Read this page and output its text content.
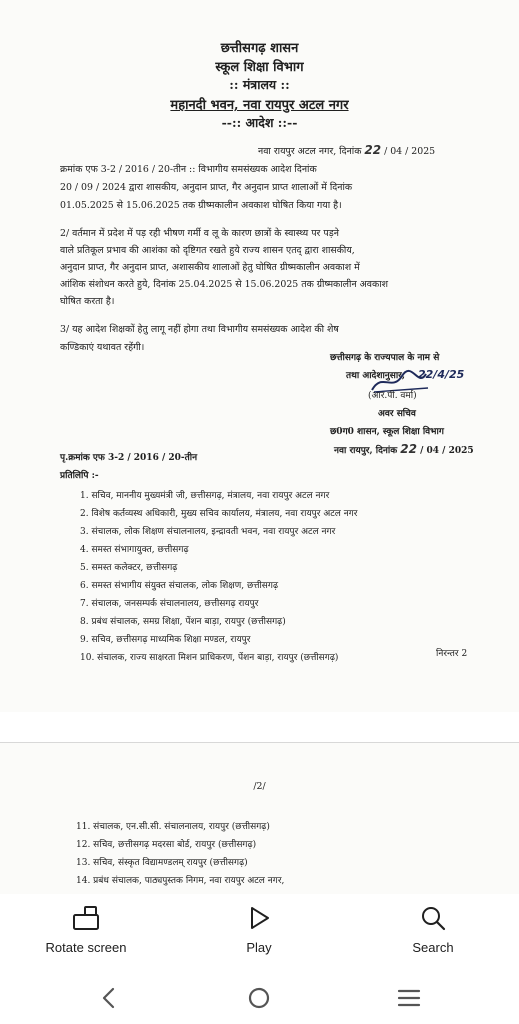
छत्तीसगढ़ शासन
स्कूल शिक्षा विभाग
:: मंत्रालय ::
महानदी भवन, नवा रायपुर अटल नगर
--:: आदेश ::--
नवा रायपुर अटल नगर, दिनांक 22 / 04 / 2025
क्रमांक एफ 3-2 / 2016 / 20-तीन :: विभागीय समसंख्यक आदेश दिनांक
20 / 09 / 2024 द्वारा शासकीय, अनुदान प्राप्त, गैर अनुदान प्राप्त शालाओं में दिनांक
01.05.2025 से 15.06.2025 तक ग्रीष्मकालीन अवकाश घोषित किया गया है।
2/ वर्तमान में प्रदेश में पड़ रही भीषण गर्मी व लू के कारण छात्रों के स्वास्थ्य पर पड़ने
वाले प्रतिकूल प्रभाव की आशंका को दृष्टिगत रखते हुये राज्य शासन एतद् द्वारा शासकीय,
अनुदान प्राप्त, गैर अनुदान प्राप्त, अशासकीय शालाओं हेतु घोषित ग्रीष्मकालीन अवकाश में
आंशिक संशोधन करते हुये, दिनांक 25.04.2025 से 15.06.2025 तक ग्रीष्मकालीन अवकाश
घोषित करता है।
3/ यह आदेश शिक्षकों हेतु लागू नहीं होगा तथा विभागीय समसंख्यक आदेश की शेष
कण्डिकाएं यथावत रहेंगी।
छत्तीसगढ़ के राज्यपाल के नाम से
तथा आदेशानुसार, 22/4/25
(आर.पी. वर्मा)
अवर सचिव
छ0ग0 शासन, स्कूल शिक्षा विभाग
नवा रायपुर, दिनांक 22 / 04 / 2025
पृ.क्रमांक एफ 3-2 / 2016 / 20-तीन
प्रतिलिपि :-
1. सचिव, माननीय मुख्यमंत्री जी, छत्तीसगढ़, मंत्रालय, नवा रायपुर अटल नगर
2. विशेष कर्तव्यस्थ अधिकारी, मुख्य सचिव कार्यालय, मंत्रालय, नवा रायपुर अटल नगर
3. संचालक, लोक शिक्षण संचालनालय, इन्द्रावती भवन, नवा रायपुर अटल नगर
4. समस्त संभागायुक्त, छत्तीसगढ़
5. समस्त कलेक्टर, छत्तीसगढ़
6. समस्त संभागीय संयुक्त संचालक, लोक शिक्षण, छत्तीसगढ़
7. संचालक, जनसम्पर्क संचालनालय, छत्तीसगढ़ रायपुर
8. प्रबंध संचालक, समग्र शिक्षा, पेंशन बाड़ा, रायपुर (छत्तीसगढ़)
9. सचिव, छत्तीसगढ़ माध्यमिक शिक्षा मण्डल, रायपुर
10. संचालक, राज्य साक्षरता मिशन प्राधिकरण, पेंशन बाड़ा, रायपुर (छत्तीसगढ़)	निरन्तर 2
/2/
11. संचालक, एन.सी.सी. संचालनालय, रायपुर (छत्तीसगढ़)
12. सचिव, छत्तीसगढ़ मदरसा बोर्ड, रायपुर (छत्तीसगढ़)
13. सचिव, संस्कृत विद्यामण्डलम् रायपुर (छत्तीसगढ़)
14. प्रबंध संचालक, पाठ्यपुस्तक निगम, नवा रायपुर अटल नगर,
Rotate screen	Play	Search
